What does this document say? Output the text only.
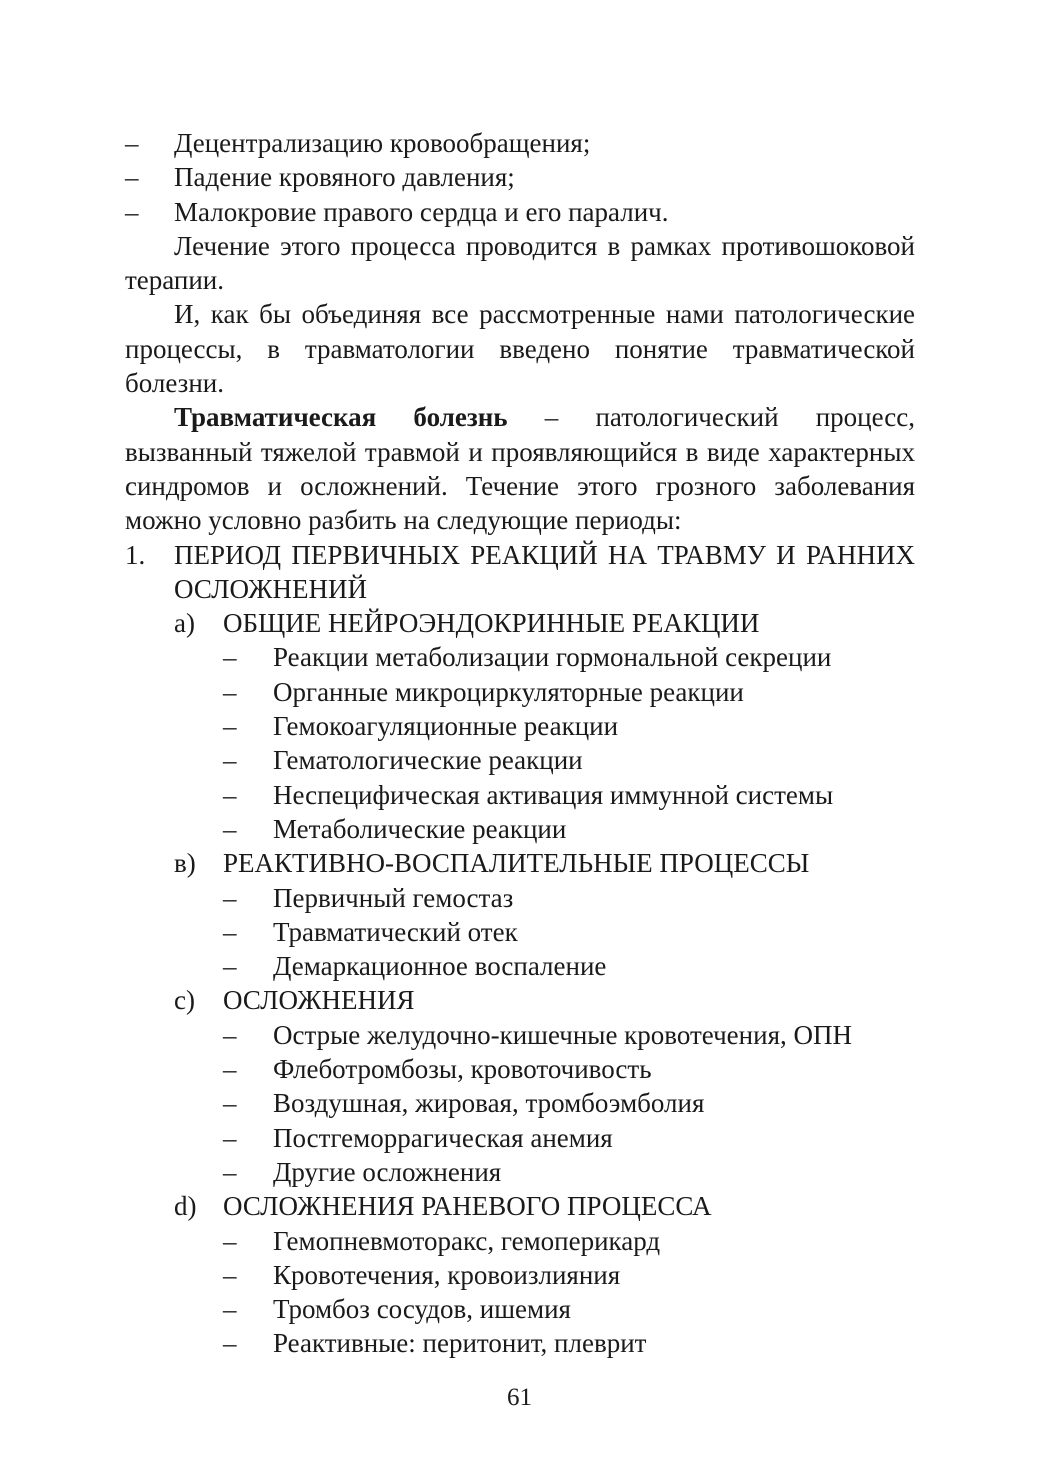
– Децентрализацию кровообращения;
– Падение кровяного давления;
– Малокровие правого сердца и его паралич.

Лечение этого процесса проводится в рамках противошоковой терапии.

И, как бы объединяя все рассмотренные нами патологические процессы, в травматологии введено понятие травматической болезни.

Травматическая болезнь – патологический процесс, вызванный тяжелой травмой и проявляющийся в виде характерных синдромов и осложнений. Течение этого грозного заболевания можно условно разбить на следующие периоды:

1. ПЕРИОД ПЕРВИЧНЫХ РЕАКЦИЙ НА ТРАВМУ И РАННИХ ОСЛОЖНЕНИЙ
a) ОБЩИЕ НЕЙРОЭНДОКРИННЫЕ РЕАКЦИИ
– Реакции метаболизации гормональной секреции
– Органные микроциркуляторные реакции
– Гемокоагуляционные реакции
– Гематологические реакции
– Неспецифическая активация иммунной системы
– Метаболические реакции
в) РЕАКТИВНО-ВОСПАЛИТЕЛЬНЫЕ ПРОЦЕССЫ
– Первичный гемостаз
– Травматический отек
– Демаркационное воспаление
c) ОСЛОЖНЕНИЯ
– Острые желудочно-кишечные кровотечения, ОПН
– Флеботромбозы, кровоточивость
– Воздушная, жировая, тромбоэмболия
– Постгеморрагическая анемия
– Другие осложнения
d) ОСЛОЖНЕНИЯ РАНЕВОГО ПРОЦЕССА
– Гемопневмоторакс, гемоперикард
– Кровотечения, кровоизлияния
– Тромбоз сосудов, ишемия
– Реактивные: перитонит, плеврит
61
